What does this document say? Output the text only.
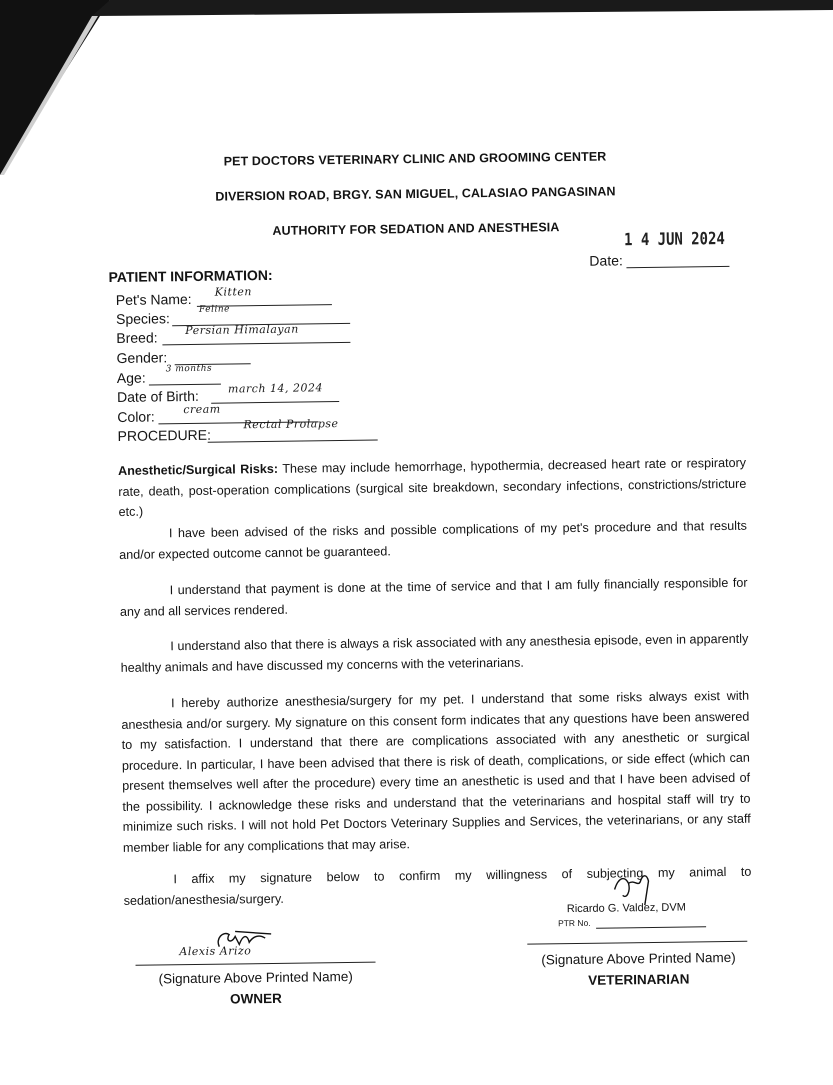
PET DOCTORS VETERINARY CLINIC AND GROOMING CENTER
DIVERSION ROAD, BRGY. SAN MIGUEL, CALASIAO PANGASINAN
AUTHORITY FOR SEDATION AND ANESTHESIA	1 4 JUN 2024
Date:
PATIENT INFORMATION:
Pet's Name: Kitten
Species:
Feline
Breed: Persian Himalayan
Gender:
Age:
3 months
Date of Birth:	march 14, 2024
Color:	cream
PROCEDURE:
Rectal Prolapse
Anesthetic/Surgical Risks: These may include hemorrhage, hypothermia, decreased heart rate or respiratory rate, death, post-operation complications (surgical site breakdown, secondary infections, constrictions/stricture etc.)
I have been advised of the risks and possible complications of my pet's procedure and that results and/or expected outcome cannot be guaranteed.
I understand that payment is done at the time of service and that I am fully financially responsible for any and all services rendered.
I understand also that there is always a risk associated with any anesthesia episode, even in apparently healthy animals and have discussed my concerns with the veterinarians.
I hereby authorize anesthesia/surgery for my pet. I understand that some risks always exist with anesthesia and/or surgery. My signature on this consent form indicates that any questions have been answered to my satisfaction. I understand that there are complications associated with any anesthetic or surgical procedure. In particular, I have been advised that there is risk of death, complications, or side effect (which can present themselves well after the procedure) every time an anesthetic is used and that I have been advised of the possibility. I acknowledge these risks and understand that the veterinarians and hospital staff will try to minimize such risks. I will not hold Pet Doctors Veterinary Supplies and Services, the veterinarians, or any staff member liable for any complications that may arise.
I affix my signature below to confirm my willingness of subjecting my animal to sedation/anesthesia/surgery.
Alexis Arizo
(Signature Above Printed Name)
OWNER
Ricardo G. Valdez, DVM
PTR No.
(Signature Above Printed Name)
VETERINARIAN
